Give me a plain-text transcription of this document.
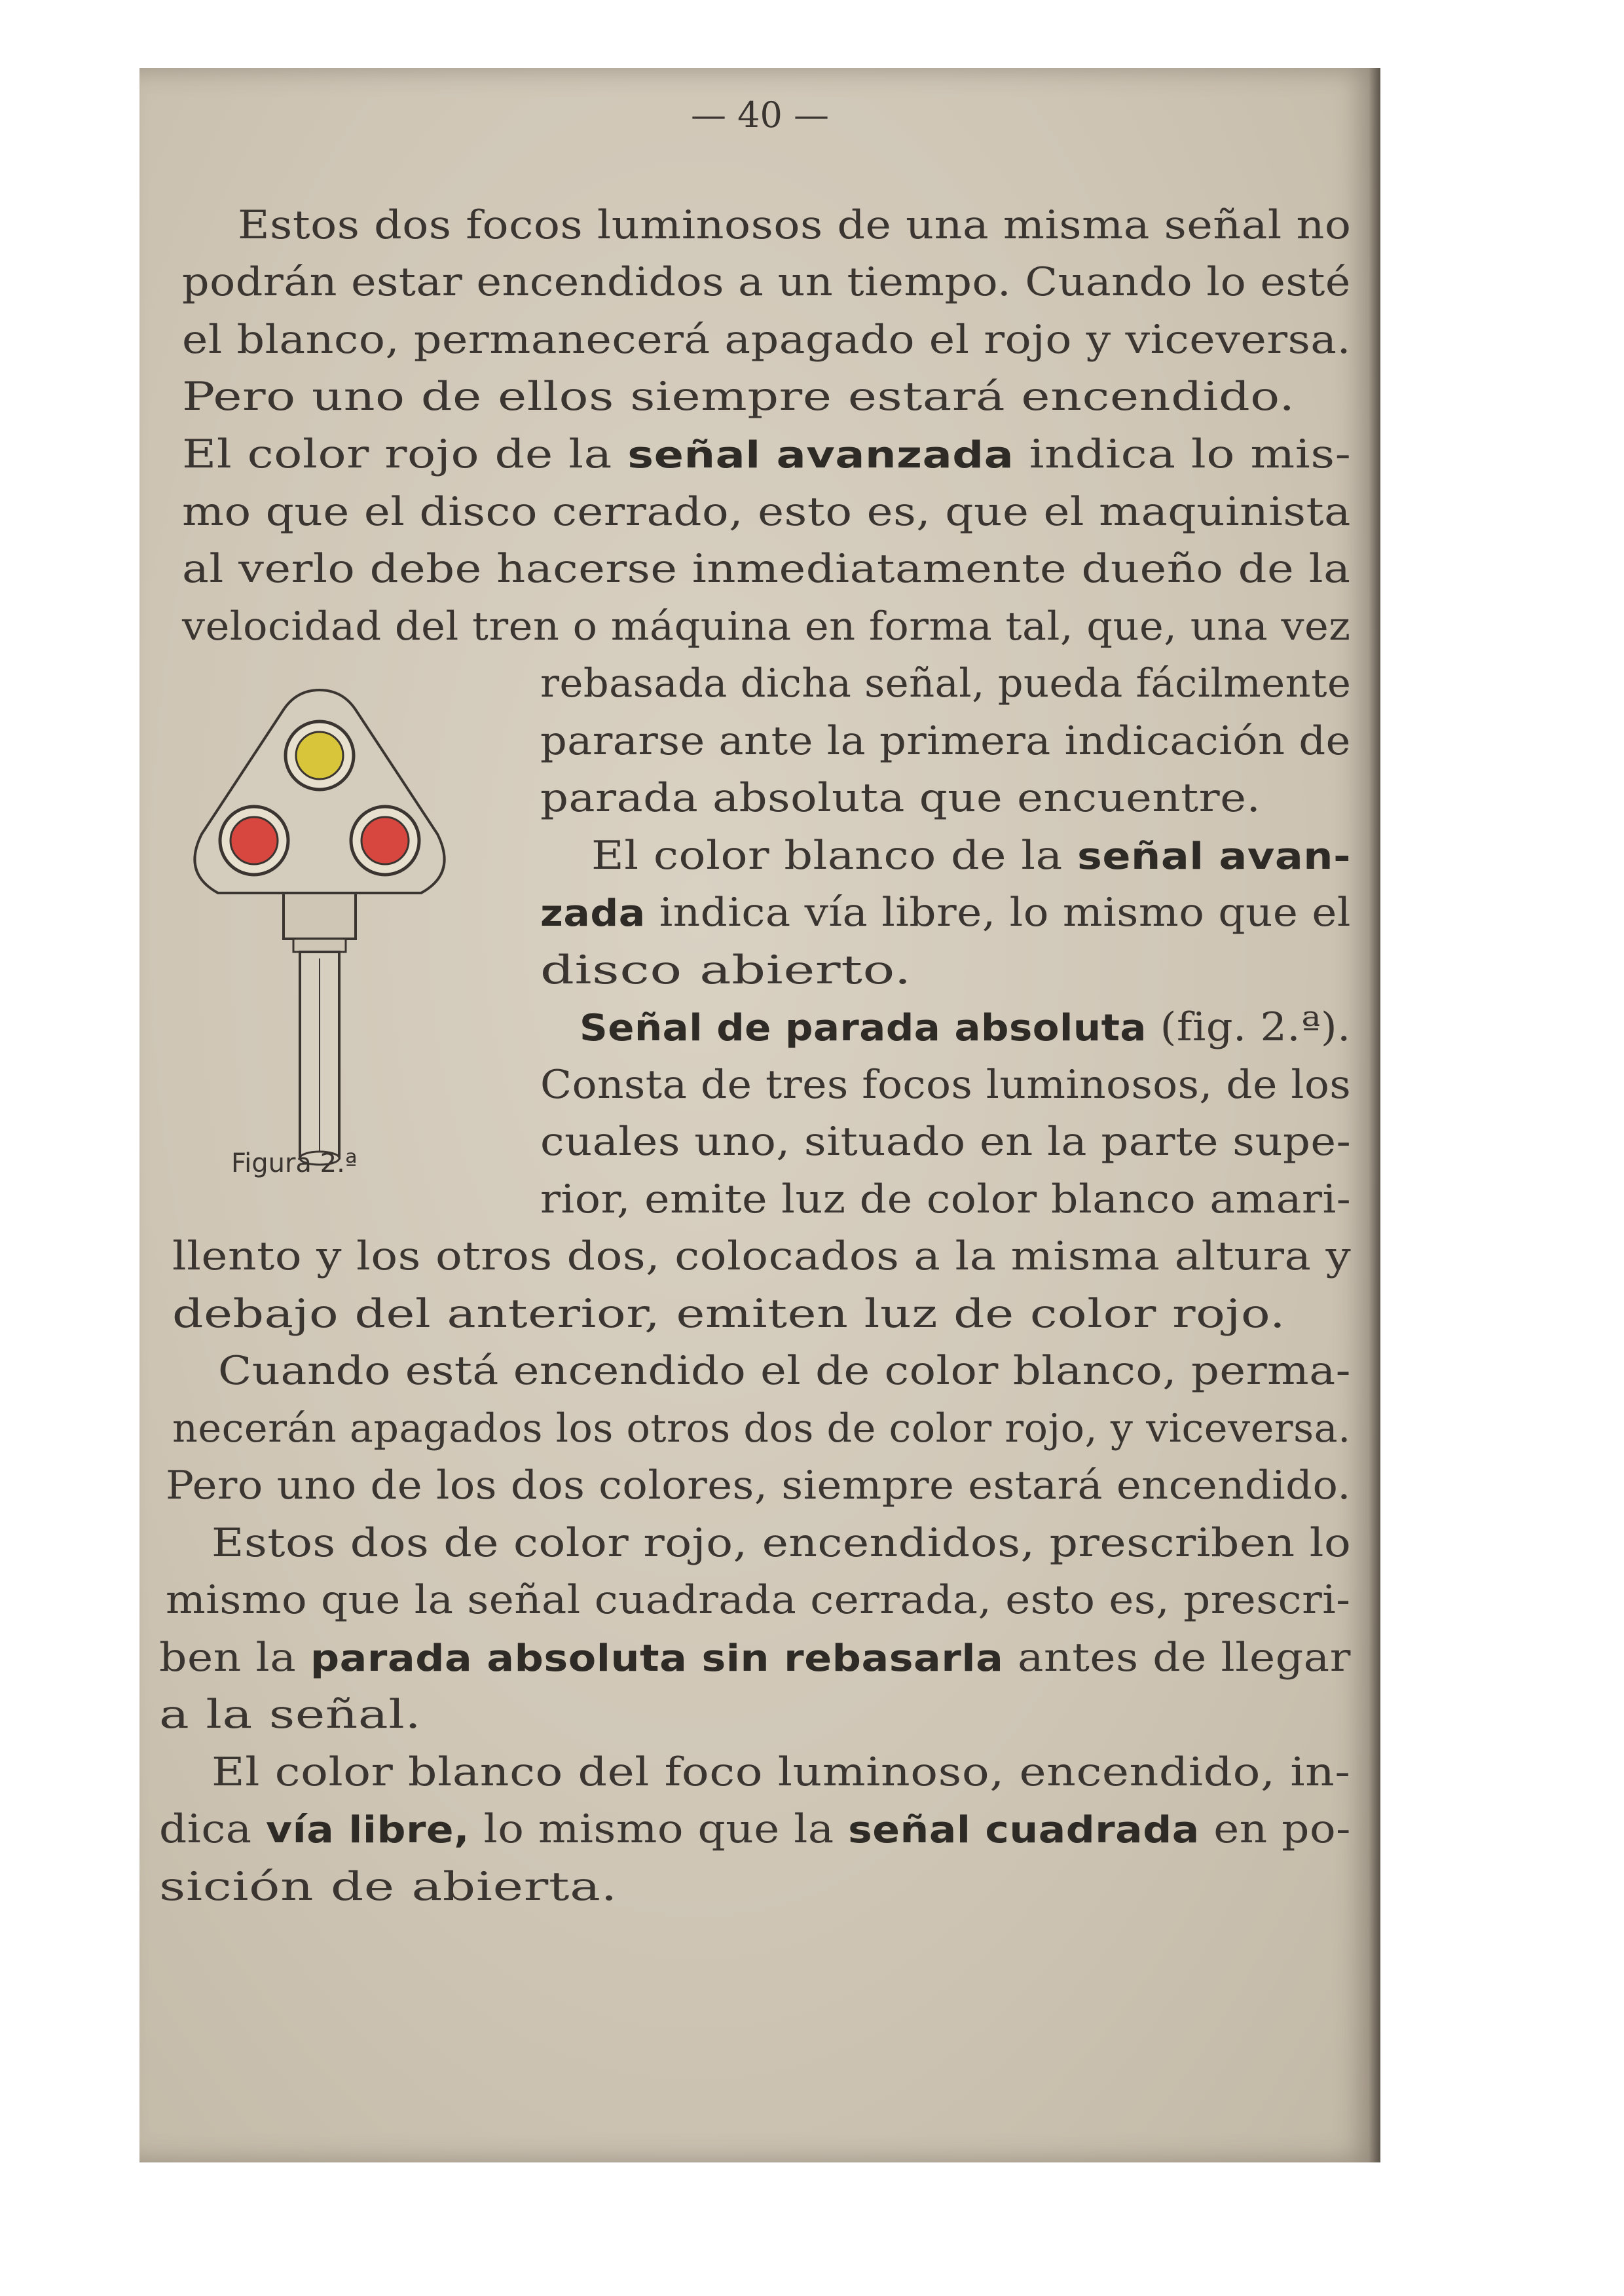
— 40 —
Estos dos focos luminosos de una misma señal no
podrán estar encendidos a un tiempo. Cuando lo esté
el blanco, permanecerá apagado el rojo y viceversa.
Pero uno de ellos siempre estará encendido.
El color rojo de la señal avanzada indica lo mis-
mo que el disco cerrado, esto es, que el maquinista
al verlo debe hacerse inmediatamente dueño de la
velocidad del tren o máquina en forma tal, que, una vez
rebasada dicha señal, pueda fácilmente
pararse ante la primera indicación de
parada absoluta que encuentre.
El color blanco de la señal avan-
zada indica vía libre, lo mismo que el
disco abierto.
Señal de parada absoluta (fig. 2.ª).
Consta de tres focos luminosos, de los
cuales uno, situado en la parte supe-
rior, emite luz de color blanco amari-
llento y los otros dos, colocados a la misma altura y
debajo del anterior, emiten luz de color rojo.
Cuando está encendido el de color blanco, perma-
necerán apagados los otros dos de color rojo, y viceversa.
Pero uno de los dos colores, siempre estará encendido.
Estos dos de color rojo, encendidos, prescriben lo
mismo que la señal cuadrada cerrada, esto es, prescri-
ben la parada absoluta sin rebasarla antes de llegar
a la señal.
El color blanco del foco luminoso, encendido, in-
dica vía libre, lo mismo que la señal cuadrada en po-
sición de abierta.
Figura 2.ª
